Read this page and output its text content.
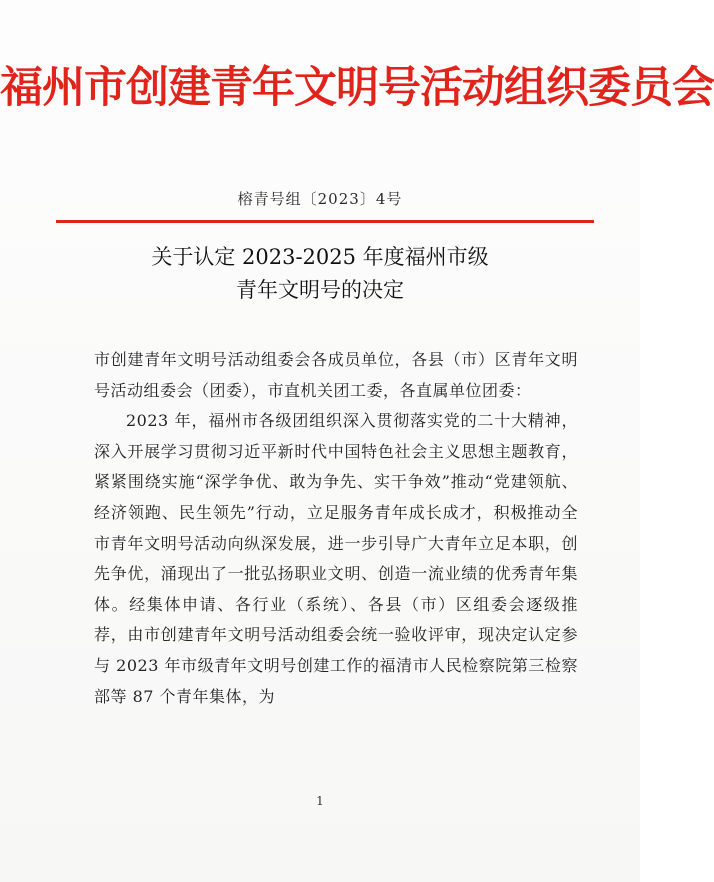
福州市创建青年文明号活动组织委员会
榕青号组〔2023〕4号
关于认定 2023-2025 年度福州市级
青年文明号的决定

市创建青年文明号活动组委会各成员单位，各县（市）区青年文明号活动组委会（团委），市直机关团工委，各直属单位团委：

2023 年，福州市各级团组织深入贯彻落实党的二十大精神，深入开展学习贯彻习近平新时代中国特色社会主义思想主题教育，紧紧围绕实施“深学争优、敢为争先、实干争效”推动“党建领航、经济领跑、民生领先”行动，立足服务青年成长成才，积极推动全市青年文明号活动向纵深发展，进一步引导广大青年立足本职，创先争优，涌现出了一批弘扬职业文明、创造一流业绩的优秀青年集体。经集体申请、各行业（系统）、各县（市）区组委会逐级推荐，由市创建青年文明号活动组委会统一验收评审，现决定认定参与 2023 年市级青年文明号创建工作的福清市人民检察院第三检察部等 87 个青年集体，为

1
